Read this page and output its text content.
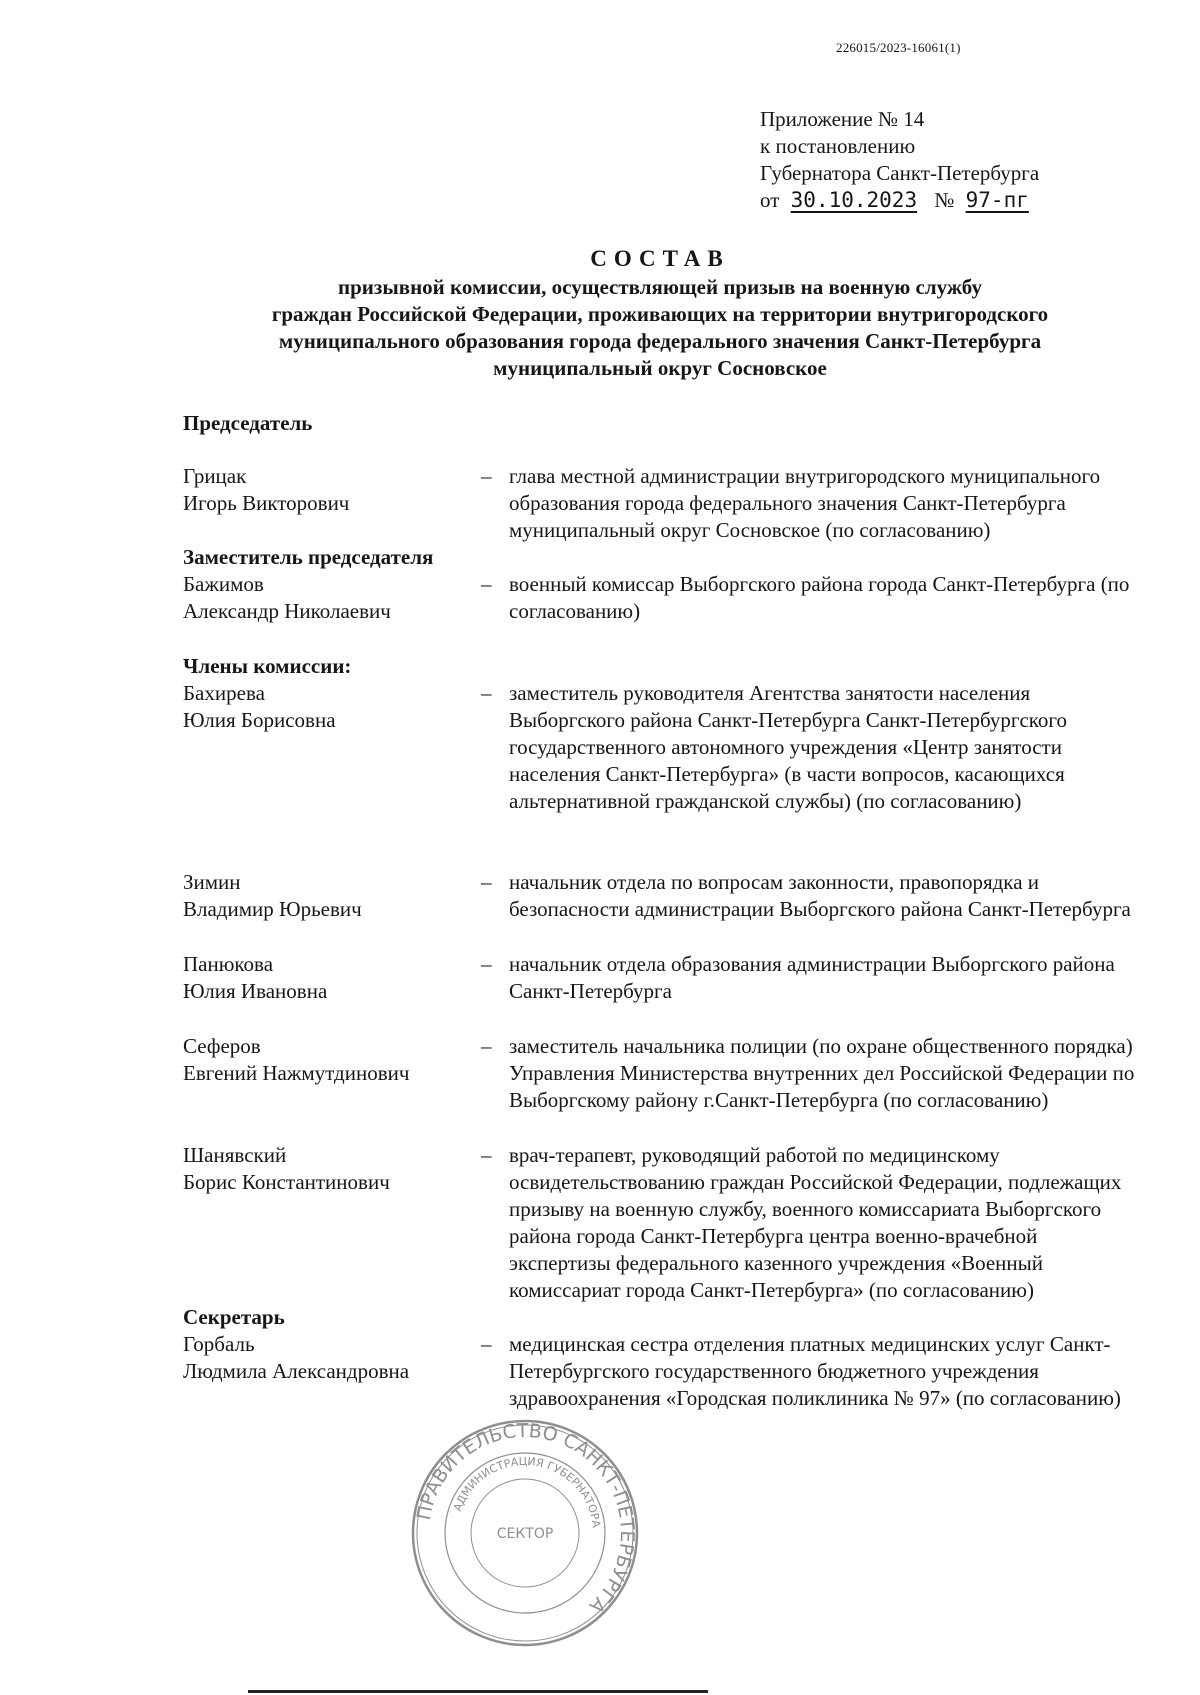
226015/2023-16061(1)
Приложение № 14
к постановлению
Губернатора Санкт-Петербурга
от 30.10.2023 № 97-пг
СОСТАВ
призывной комиссии, осуществляющей призыв на военную службу
граждан Российской Федерации, проживающих на территории внутригородского
муниципального образования города федерального значения Санкт-Петербурга
муниципальный округ Сосновское
Председатель
Грицак
Игорь Викторович
– глава местной администрации внутригородского муниципального образования города федерального значения Санкт-Петербурга муниципальный округ Сосновское (по согласованию)
Заместитель председателя
Бажимов
Александр Николаевич
– военный комиссар Выборгского района города Санкт-Петербурга (по согласованию)
Члены комиссии:
Бахирева
Юлия Борисовна
– заместитель руководителя Агентства занятости населения Выборгского района Санкт-Петербурга Санкт-Петербургского государственного автономного учреждения «Центр занятости населения Санкт-Петербурга» (в части вопросов, касающихся альтернативной гражданской службы) (по согласованию)
Зимин
Владимир Юрьевич
– начальник отдела по вопросам законности, правопорядка и безопасности администрации Выборгского района Санкт-Петербурга
Панюкова
Юлия Ивановна
– начальник отдела образования администрации Выборгского района Санкт-Петербурга
Сеферов
Евгений Нажмутдинович
– заместитель начальника полиции (по охране общественного порядка) Управления Министерства внутренних дел Российской Федерации по Выборгскому району г.Санкт-Петербурга (по согласованию)
Шанявский
Борис Константинович
– врач-терапевт, руководящий работой по медицинскому освидетельствованию граждан Российской Федерации, подлежащих призыву на военную службу, военного комиссариата Выборгского района города Санкт-Петербурга центра военно-врачебной экспертизы федерального казенного учреждения «Военный комиссариат города Санкт-Петербурга» (по согласованию)
Секретарь
Горбаль
Людмила Александровна
– медицинская сестра отделения платных медицинских услуг Санкт-Петербургского государственного бюджетного учреждения здравоохранения «Городская поликлиника № 97» (по согласованию)
ПРАВИТЕЛЬСТВО САНКТ-ПЕТЕРБУРГА
АДМИНИСТРАЦИЯ ГУБЕРНАТОРА
СЕКТОР
